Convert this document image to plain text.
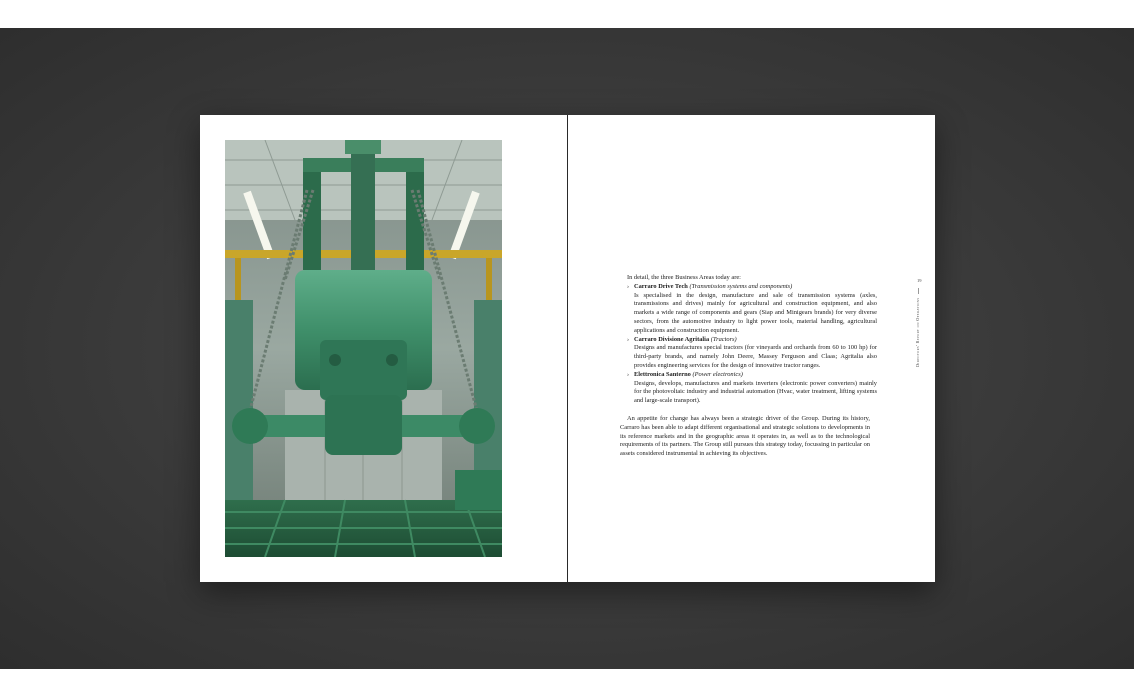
In detail, the three Business Areas today are:

› Carraro Drive Tech (Transmission systems and components)

Is specialised in the design, manufacture and sale of transmission systems (axles, transmissions and drives) mainly for agricultural and construction equipment, and also markets a wide range of components and gears (Siap and Minigears brands) for very diverse sectors, from the automotive industry to light power tools, material handling, agricultural applications and construction equipment.

› Carraro Divisione Agritalia (Tractors)

Designs and manufactures special tractors (for vineyards and orchards from 60 to 100 hp) for third-party brands, and namely John Deere, Massey Ferguson and Claas; Agritalia also provides engineering services for the design of innovative tractor ranges.

› Elettronica Santerno (Power electronics)

Designs, develops, manufactures and markets inverters (electronic power converters) mainly for the photovoltaic industry and industrial automation (Hvac, water treatment, lifting systems and large-scale transport).

An appetite for change has always been a strategic driver of the Group. During its history, Carraro has been able to adapt different organisational and strategic solutions to developments in its reference markets and in the geographic areas it operates in, as well as to the technological requirements of its partners. The Group still pursues this strategy today, focussing in particular on assets considered instrumental in achieving its objectives.

19
Directors' Report on Operations
